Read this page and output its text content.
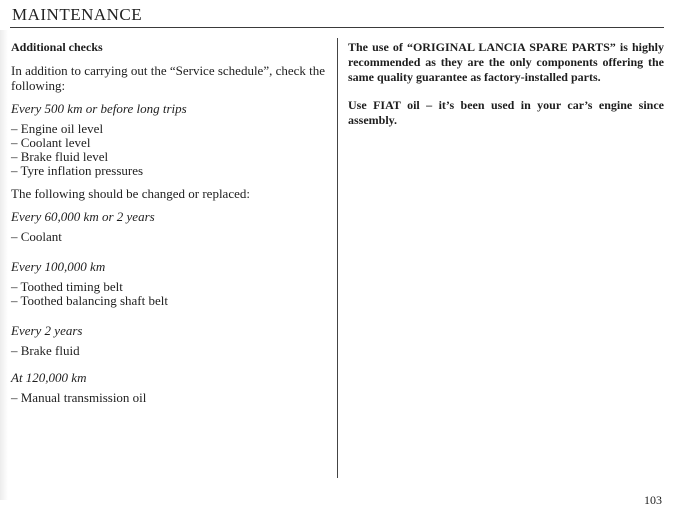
MAINTENANCE
Additional checks
In addition to carrying out the “Service schedule”, check the following:
Every 500 km or before long trips
– Engine oil level
– Coolant level
– Brake fluid level
– Tyre inflation pressures
The following should be changed or replaced:
Every 60,000 km or 2 years
– Coolant
Every 100,000 km
– Toothed timing belt
– Toothed balancing shaft belt
Every 2 years
– Brake fluid
At 120,000 km
– Manual transmission oil
The use of “ORIGINAL LANCIA SPARE PARTS” is highly recommended as they are the only components offering the same quality guarantee as factory-installed parts.
Use FIAT oil – it’s been used in your car’s engine since assembly.
103
